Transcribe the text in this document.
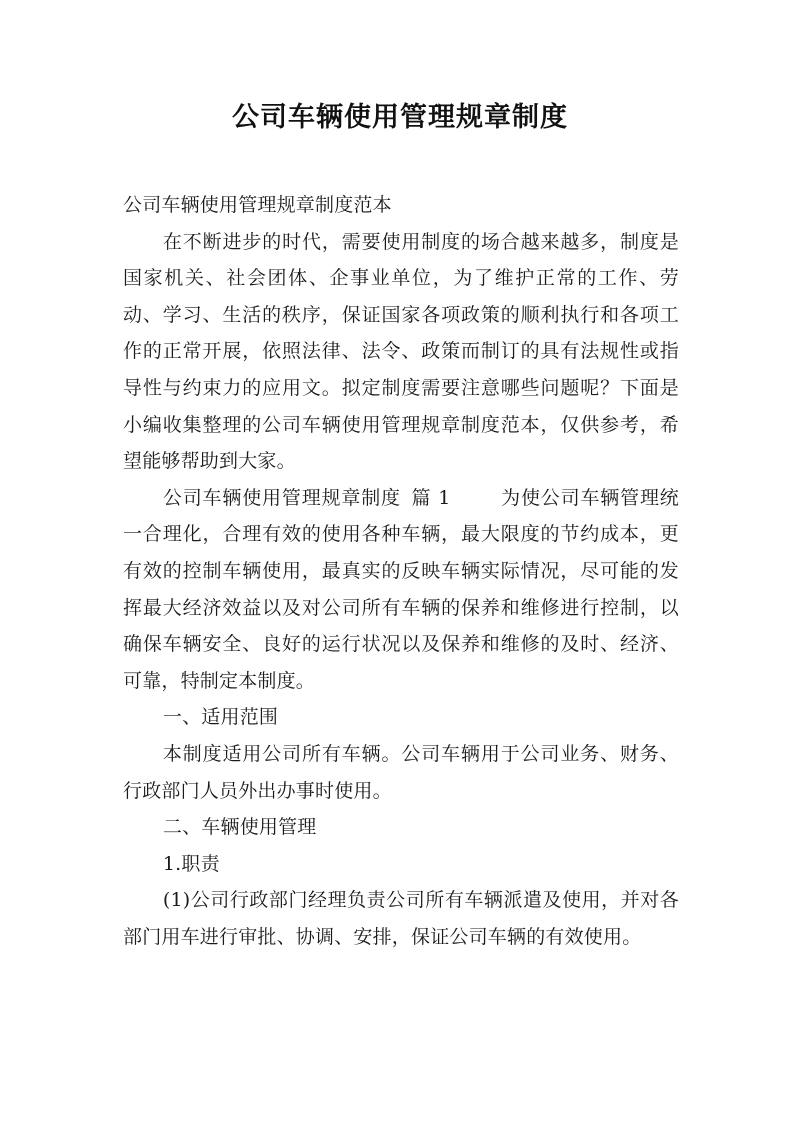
公司车辆使用管理规章制度

公司车辆使用管理规章制度范本

在不断进步的时代，需要使用制度的场合越来越多，制度是国家机关、社会团体、企事业单位，为了维护正常的工作、劳动、学习、生活的秩序，保证国家各项政策的顺利执行和各项工作的正常开展，依照法律、法令、政策而制订的具有法规性或指导性与约束力的应用文。拟定制度需要注意哪些问题呢？下面是小编收集整理的公司车辆使用管理规章制度范本，仅供参考，希望能够帮助到大家。

公司车辆使用管理规章制度 篇 1	为使公司车辆管理统一合理化，合理有效的使用各种车辆，最大限度的节约成本，更有效的控制车辆使用，最真实的反映车辆实际情况，尽可能的发挥最大经济效益以及对公司所有车辆的保养和维修进行控制，以确保车辆安全、良好的运行状况以及保养和维修的及时、经济、可靠，特制定本制度。

一、适用范围

本制度适用公司所有车辆。公司车辆用于公司业务、财务、行政部门人员外出办事时使用。

二、车辆使用管理

1.职责

(1)公司行政部门经理负责公司所有车辆派遣及使用，并对各部门用车进行审批、协调、安排，保证公司车辆的有效使用。
